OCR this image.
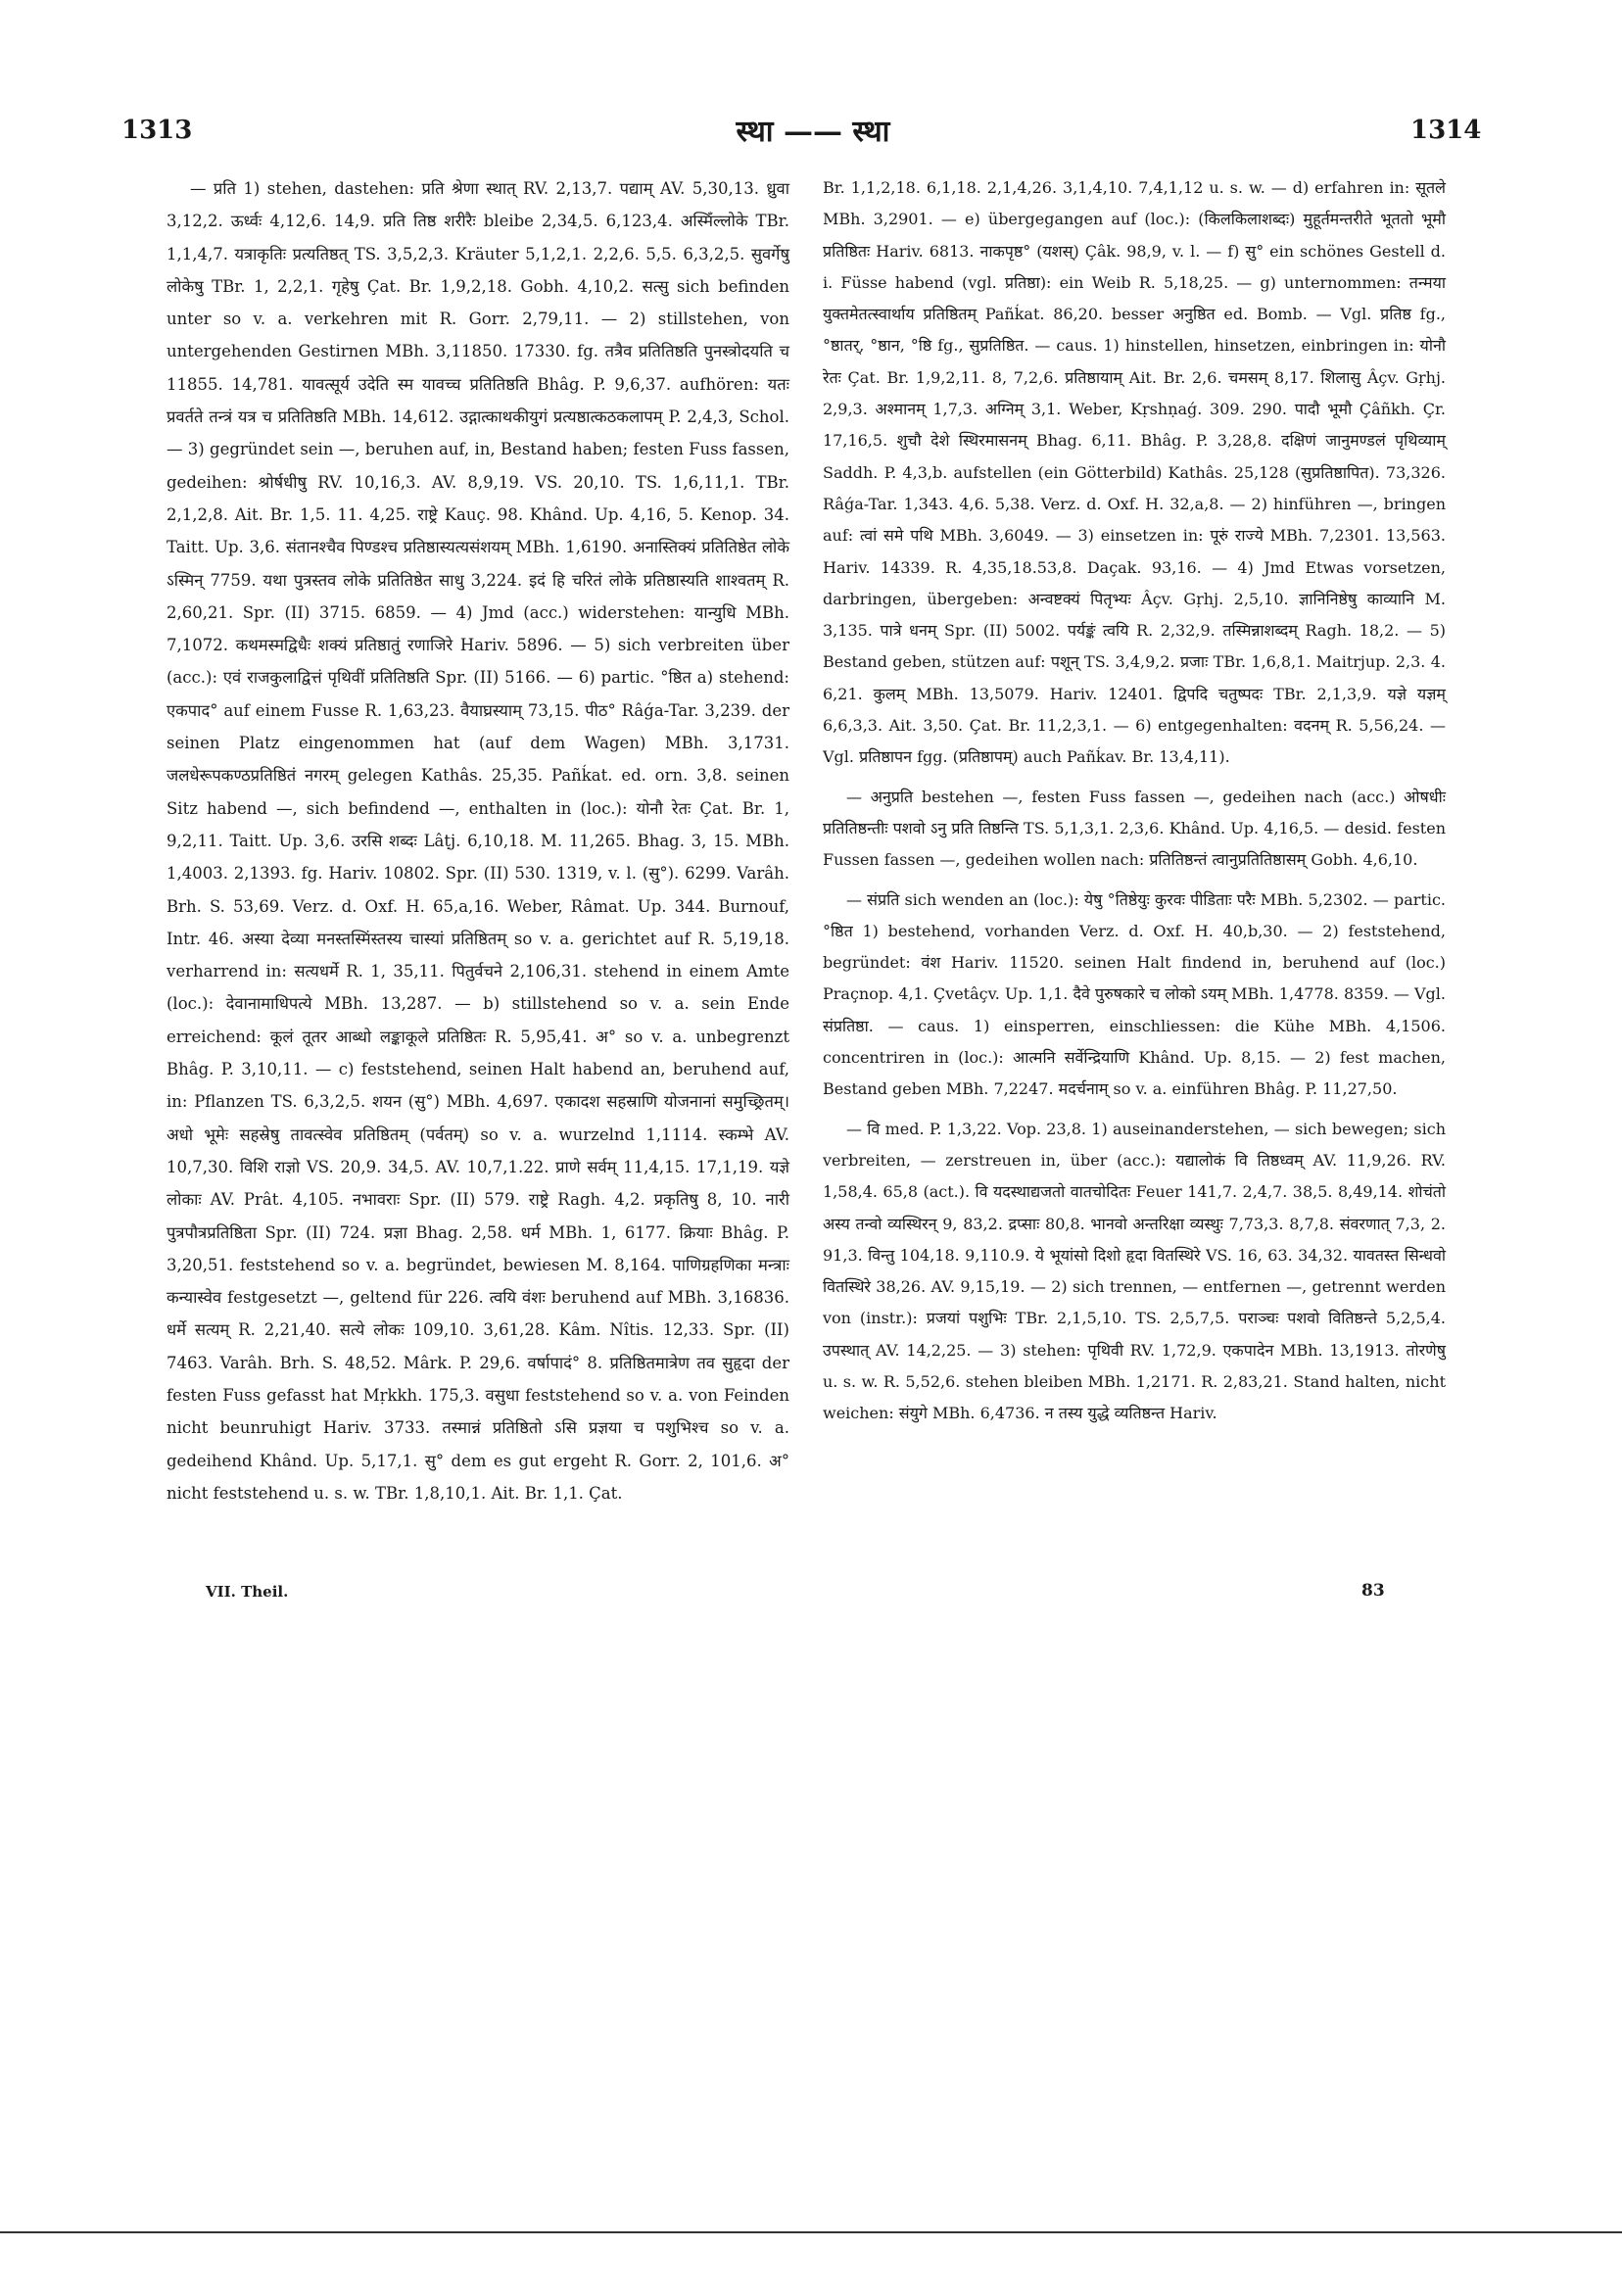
1313	स्था —— स्था	1314

— प्रति 1) stehen, dastehen: प्रति श्रेणा स्थात् RV. 2,13,7. पद्याम् AV. 5,30,13. ध्रुवा 3,12,2. ऊर्ध्वः 4,12,6. 14,9. प्रति तिष्ठ शरीरैः bleibe 2,34,5. 6,123,4. अस्मिँल्लोके TBr. 1,1,4,7. यत्राकृतिः प्रत्यतिष्ठत् TS. 3,5,2,3. Kräuter 5,1,2,1. 2,2,6. 5,5. 6,3,2,5. सुवर्गेषु लोकेषु TBr. 1, 2,2,1. गृहेषु Çat. Br. 1,9,2,18. Gobh. 4,10,2. सत्सु sich befinden unter so v. a. verkehren mit R. Gorr. 2,79,11. — 2) stillstehen, von untergehenden Gestirnen MBh. 3,11850. 17330. fg. तत्रैव प्रतितिष्ठति पुनस्त्रोदयति च 11855. 14,781. यावत्सूर्य उदेति स्म यावच्च प्रतितिष्ठति Bhâg. P. 9,6,37. aufhören: यतः प्रवर्तते तन्त्रं यत्र च प्रतितिष्ठति MBh. 14,612. उद्गात्काथकीयुगं प्रत्यष्ठात्कठकलापम् P. 2,4,3, Schol. — 3) gegründet sein —, beruhen auf, in, Bestand haben; festen Fuss fassen, gedeihen: श्रोर्षधीषु RV. 10,16,3. AV. 8,9,19. VS. 20,10. TS. 1,6,11,1. TBr. 2,1,2,8. Ait. Br. 1,5. 11. 4,25. राष्ट्रे Kauç. 98. Khând. Up. 4,16, 5. Kenop. 34. Taitt. Up. 3,6. संतानश्चैव पिण्डश्च प्रतिष्ठास्यत्यसंशयम् MBh. 1,6190. अनास्तिक्यं प्रतितिष्ठेत लोके ऽस्मिन् 7759. यथा पुत्रस्तव लोके प्रतितिष्ठेत साधु 3,224. इदं हि चरितं लोके प्रतिष्ठास्यति शाश्वतम् R. 2,60,21. Spr. (II) 3715. 6859. — 4) Jmd (acc.) widerstehen: यान्युधि MBh. 7,1072. कथमस्मद्विधैः शक्यं प्रतिष्ठातुं रणाजिरे Hariv. 5896. — 5) sich verbreiten über (acc.): एवं राजकुलाद्वित्तं पृथिवीं प्रतितिष्ठति Spr. (II) 5166. — 6) partic. °ष्ठित a) stehend: एकपाद° auf einem Fusse R. 1,63,23. वैयाघ्रस्याम् 73,15. पीठ° Râǵa-Tar. 3,239. der seinen Platz eingenommen hat (auf dem Wagen) MBh. 3,1731. जलधेरूपकण्ठप्रतिष्ठितं नगरम् gelegen Kathâs. 25,35. Pañḱat. ed. orn. 3,8. seinen Sitz habend —, sich befindend —, enthalten in (loc.): योनौ रेतः Çat. Br. 1, 9,2,11. Taitt. Up. 3,6. उरसि शब्दः Lâṭj. 6,10,18. M. 11,265. Bhag. 3, 15. MBh. 1,4003. 2,1393. fg. Hariv. 10802. Spr. (II) 530. 1319, v. l. (सु°). 6299. Varâh. Brh. S. 53,69. Verz. d. Oxf. H. 65,a,16. Weber, Râmat. Up. 344. Burnouf, Intr. 46. अस्या देव्या मनस्तस्मिंस्तस्य चास्यां प्रतिष्ठितम् so v. a. gerichtet auf R. 5,19,18. verharrend in: सत्यधर्मे R. 1, 35,11. पितुर्वचने 2,106,31. stehend in einem Amte (loc.): देवानामाधिपत्ये MBh. 13,287. — b) stillstehend so v. a. sein Ende erreichend: कूलं तूतर आब्धो लङ्काकूले प्रतिष्ठितः R. 5,95,41. अ° so v. a. unbegrenzt Bhâg. P. 3,10,11. — c) feststehend, seinen Halt habend an, beruhend auf, in: Pflanzen TS. 6,3,2,5. शयन (सु°) MBh. 4,697. एकादश सहस्राणि योजनानां समुच्छ्रितम्। अधो भूमेः सहस्रेषु तावत्स्वेव प्रतिष्ठितम् (पर्वतम्) so v. a. wurzelnd 1,1114. स्कम्भे AV. 10,7,30. विशि राज्ञो VS. 20,9. 34,5. AV. 10,7,1.22. प्राणे सर्वम् 11,4,15. 17,1,19. यज्ञे लोकाः AV. Prât. 4,105. नभावराः Spr. (II) 579. राष्ट्रे Ragh. 4,2. प्रकृतिषु 8, 10. नारी पुत्रपौत्रप्रतिष्ठिता Spr. (II) 724. प्रज्ञा Bhag. 2,58. धर्म MBh. 1, 6177. क्रियाः Bhâg. P. 3,20,51. feststehend so v. a. begründet, bewiesen M. 8,164. पाणिग्रहणिका मन्त्राः कन्यास्वेव festgesetzt —, geltend für 226. त्वयि वंशः beruhend auf MBh. 3,16836. धर्मे सत्यम् R. 2,21,40. सत्ये लोकः 109,10. 3,61,28. Kâm. Nîtis. 12,33. Spr. (II) 7463. Varâh. Brh. S. 48,52. Mârk. P. 29,6. वर्षापादं° 8. प्रतिष्ठितमात्रेण तव सुहृदा der festen Fuss gefasst hat Mṛkkh. 175,3. वसुधा feststehend so v. a. von Feinden nicht beunruhigt Hariv. 3733. तस्मान्नं प्रतिष्ठितो ऽसि प्रज्ञया च पशुभिश्च so v. a. gedeihend Khând. Up. 5,17,1. सु° dem es gut ergeht R. Gorr. 2, 101,6. अ° nicht feststehend u. s. w. TBr. 1,8,10,1. Ait. Br. 1,1. Çat.

Br. 1,1,2,18. 6,1,18. 2,1,4,26. 3,1,4,10. 7,4,1,12 u. s. w. — d) erfahren in: सूतले MBh. 3,2901. — e) übergegangen auf (loc.): (किलकिलाशब्दः) मुहूर्तमन्तरीते भूततो भूमौ प्रतिष्ठितः Hariv. 6813. नाकपृष्ठ° (यशस्) Çâk. 98,9, v. l. — f) सु° ein schönes Gestell d. i. Füsse habend (vgl. प्रतिष्ठा): ein Weib R. 5,18,25. — g) unternommen: तन्मया युक्तमेतत्स्वार्थाय प्रतिष्ठितम् Pañḱat. 86,20. besser अनुष्ठित ed. Bomb. — Vgl. प्रतिष्ठ fg., °ष्ठातर्, °ष्ठान, °ष्ठि fg., सुप्रतिष्ठित. — caus. 1) hinstellen, hinsetzen, einbringen in: योनौ रेतः Çat. Br. 1,9,2,11. 8, 7,2,6. प्रतिष्ठायाम् Ait. Br. 2,6. चमसम् 8,17. शिलासु Âçv. Gṛhj. 2,9,3. अश्मानम् 1,7,3. अग्निम् 3,1. Weber, Kṛshṇaǵ. 309. 290. पादौ भूमौ Çâñkh. Çr. 17,16,5. शुचौ देशे स्थिरमासनम् Bhag. 6,11. Bhâg. P. 3,28,8. दक्षिणं जानुमण्डलं पृथिव्याम् Saddh. P. 4,3,b. aufstellen (ein Götterbild) Kathâs. 25,128 (सुप्रतिष्ठापित). 73,326. Râǵa-Tar. 1,343. 4,6. 5,38. Verz. d. Oxf. H. 32,a,8. — 2) hinführen —, bringen auf: त्वां समे पथि MBh. 3,6049. — 3) einsetzen in: पूरुं राज्ये MBh. 7,2301. 13,563. Hariv. 14339. R. 4,35,18.53,8. Daçak. 93,16. — 4) Jmd Etwas vorsetzen, darbringen, übergeben: अन्वष्टक्यं पितृभ्यः Âçv. Gṛhj. 2,5,10. ज्ञानिनिष्ठेषु काव्यानि M. 3,135. पात्रे धनम् Spr. (II) 5002. पर्यङ्कं त्वयि R. 2,32,9. तस्मिन्नाशब्दम् Ragh. 18,2. — 5) Bestand geben, stützen auf: पशून् TS. 3,4,9,2. प्रजाः TBr. 1,6,8,1. Maitrjup. 2,3. 4. 6,21. कुलम् MBh. 13,5079. Hariv. 12401. द्विपदि चतुष्पदः TBr. 2,1,3,9. यज्ञे यज्ञम् 6,6,3,3. Ait. 3,50. Çat. Br. 11,2,3,1. — 6) entgegenhalten: वदनम् R. 5,56,24. — Vgl. प्रतिष्ठापन fgg. (प्रतिष्ठापम्) auch Pañḱav. Br. 13,4,11).

— अनुप्रति bestehen —, festen Fuss fassen —, gedeihen nach (acc.) ओषधीः प्रतितिष्ठन्तीः पशवो ऽनु प्रति तिष्ठन्ति TS. 5,1,3,1. 2,3,6. Khând. Up. 4,16,5. — desid. festen Fussen fassen —, gedeihen wollen nach: प्रतितिष्ठन्तं त्वानुप्रतितिष्ठासम् Gobh. 4,6,10.

— संप्रति sich wenden an (loc.): येषु °तिष्ठेयुः कुरवः पीडिताः परैः MBh. 5,2302. — partic. °ष्ठित 1) bestehend, vorhanden Verz. d. Oxf. H. 40,b,30. — 2) feststehend, begründet: वंश Hariv. 11520. seinen Halt findend in, beruhend auf (loc.) Praçnop. 4,1. Çvetâçv. Up. 1,1. दैवे पुरुषकारे च लोको ऽयम् MBh. 1,4778. 8359. — Vgl. संप्रतिष्ठा. — caus. 1) einsperren, einschliessen: die Kühe MBh. 4,1506. concentriren in (loc.): आत्मनि सर्वेन्द्रियाणि Khând. Up. 8,15. — 2) fest machen, Bestand geben MBh. 7,2247. मदर्चनाम् so v. a. einführen Bhâg. P. 11,27,50.

— वि med. P. 1,3,22. Vop. 23,8. 1) auseinanderstehen, — sich bewegen; sich verbreiten, — zerstreuen in, über (acc.): यद्यालोकं वि तिष्ठध्वम् AV. 11,9,26. RV. 1,58,4. 65,8 (act.). वि यदस्थाद्यजतो वातचोदितः Feuer 141,7. 2,4,7. 38,5. 8,49,14. शोचंतो अस्य तन्वो व्यस्थिरन् 9, 83,2. द्रप्साः 80,8. भानवो अन्तरिक्षा व्यस्थुः 7,73,3. 8,7,8. संवरणात् 7,3, 2. 91,3. विन्तु 104,18. 9,110.9. ये भूयांसो दिशो हृदा वितस्थिरे VS. 16, 63. 34,32. यावतस्त सिन्धवो वितस्थिरे 38,26. AV. 9,15,19. — 2) sich trennen, — entfernen —, getrennt werden von (instr.): प्रजयां पशुभिः TBr. 2,1,5,10. TS. 2,5,7,5. पराञ्चः पशवो वितिष्ठन्ते 5,2,5,4. उपस्थात् AV. 14,2,25. — 3) stehen: पृथिवी RV. 1,72,9. एकपादेन MBh. 13,1913. तोरणेषु u. s. w. R. 5,52,6. stehen bleiben MBh. 1,2171. R. 2,83,21. Stand halten, nicht weichen: संयुगे MBh. 6,4736. न तस्य युद्धे व्यतिष्ठन्त Hariv.

VII. Theil.	83
